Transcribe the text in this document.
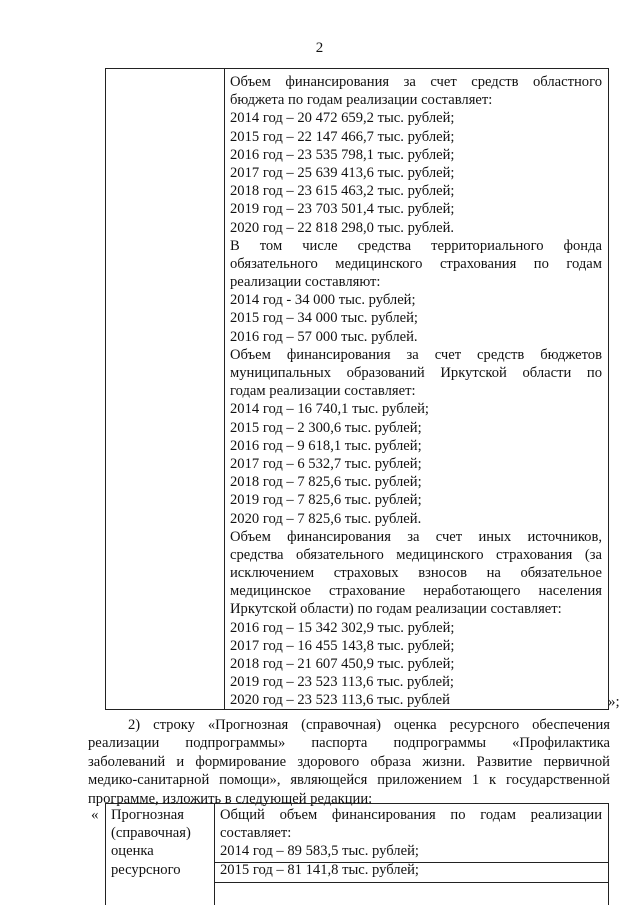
2
Объем финансирования за счет средств областного
бюджета по годам реализации составляет:
2014 год – 20 472 659,2 тыс. рублей;
2015 год – 22 147 466,7 тыс. рублей;
2016 год – 23 535 798,1 тыс. рублей;
2017 год – 25 639 413,6 тыс. рублей;
2018 год – 23 615 463,2 тыс. рублей;
2019 год – 23 703 501,4 тыс. рублей;
2020 год – 22 818 298,0 тыс. рублей.
В том числе средства территориального фонда
обязательного медицинского страхования по годам
реализации составляют:
2014 год - 34 000 тыс. рублей;
2015 год – 34 000 тыс. рублей;
2016 год – 57 000 тыс. рублей.
Объем финансирования за счет средств бюджетов
муниципальных образований Иркутской области по
годам реализации составляет:
2014 год – 16 740,1 тыс. рублей;
2015 год – 2 300,6 тыс. рублей;
2016 год – 9 618,1 тыс. рублей;
2017 год – 6 532,7 тыс. рублей;
2018 год – 7 825,6 тыс. рублей;
2019 год – 7 825,6 тыс. рублей;
2020 год – 7 825,6 тыс. рублей.
Объем финансирования за счет иных источников,
средства обязательного медицинского страхования (за
исключением страховых взносов на обязательное
медицинское страхование неработающего населения
Иркутской области) по годам реализации составляет:
2016 год – 15 342 302,9 тыс. рублей;
2017 год – 16 455 143,8 тыс. рублей;
2018 год – 21 607 450,9 тыс. рублей;
2019 год – 23 523 113,6 тыс. рублей;
2020 год – 23 523 113,6 тыс. рублей	»;
2) строку «Прогнозная (справочная) оценка ресурсного обеспечения
реализации подпрограммы» паспорта подпрограммы «Профилактика
заболеваний и формирование здорового образа жизни. Развитие первичной
медико-санитарной помощи», являющейся приложением 1 к государственной
программе, изложить в следующей редакции:
« Прогнозная
(справочная)
оценка
ресурсного
Общий объем финансирования по годам реализации
составляет:
2014 год – 89 583,5 тыс. рублей;
2015 год – 81 141,8 тыс. рублей;
